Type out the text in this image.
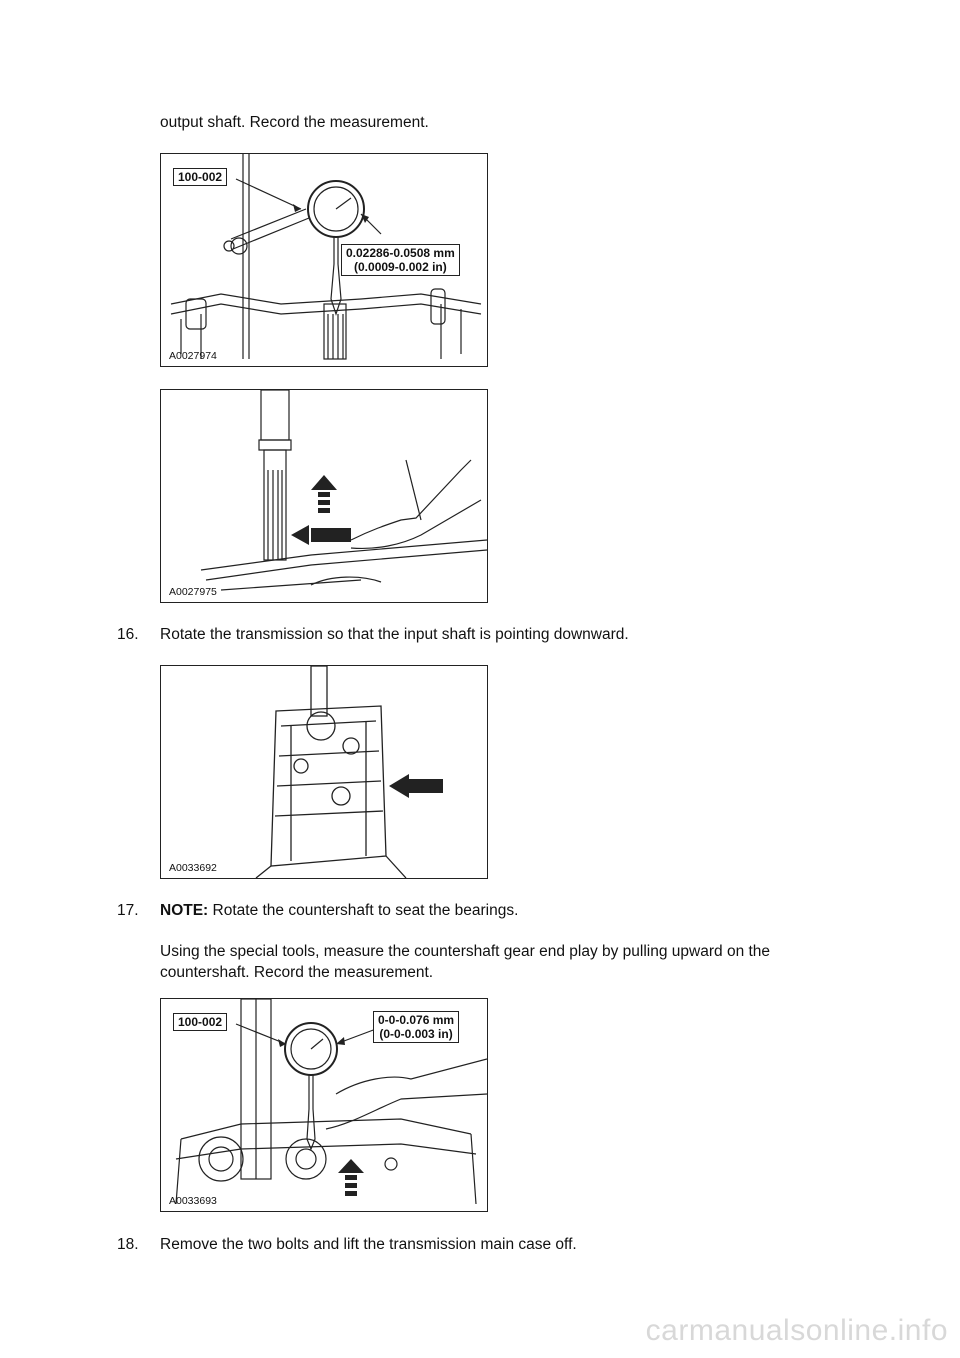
output shaft. Record the measurement.
100-002
0.02286-0.0508 mm
(0.0009-0.002 in)
A0027974
A0027975
16. Rotate the transmission so that the input shaft is pointing downward.
A0033692
17. NOTE: Rotate the countershaft to seat the bearings.
Using the special tools, measure the countershaft gear end play by pulling upward on the
countershaft. Record the measurement.
100-002	0-0-0.076 mm
(0-0-0.003 in)
A0033693
18. Remove the two bolts and lift the transmission main case off.
carmanualsonline.info
